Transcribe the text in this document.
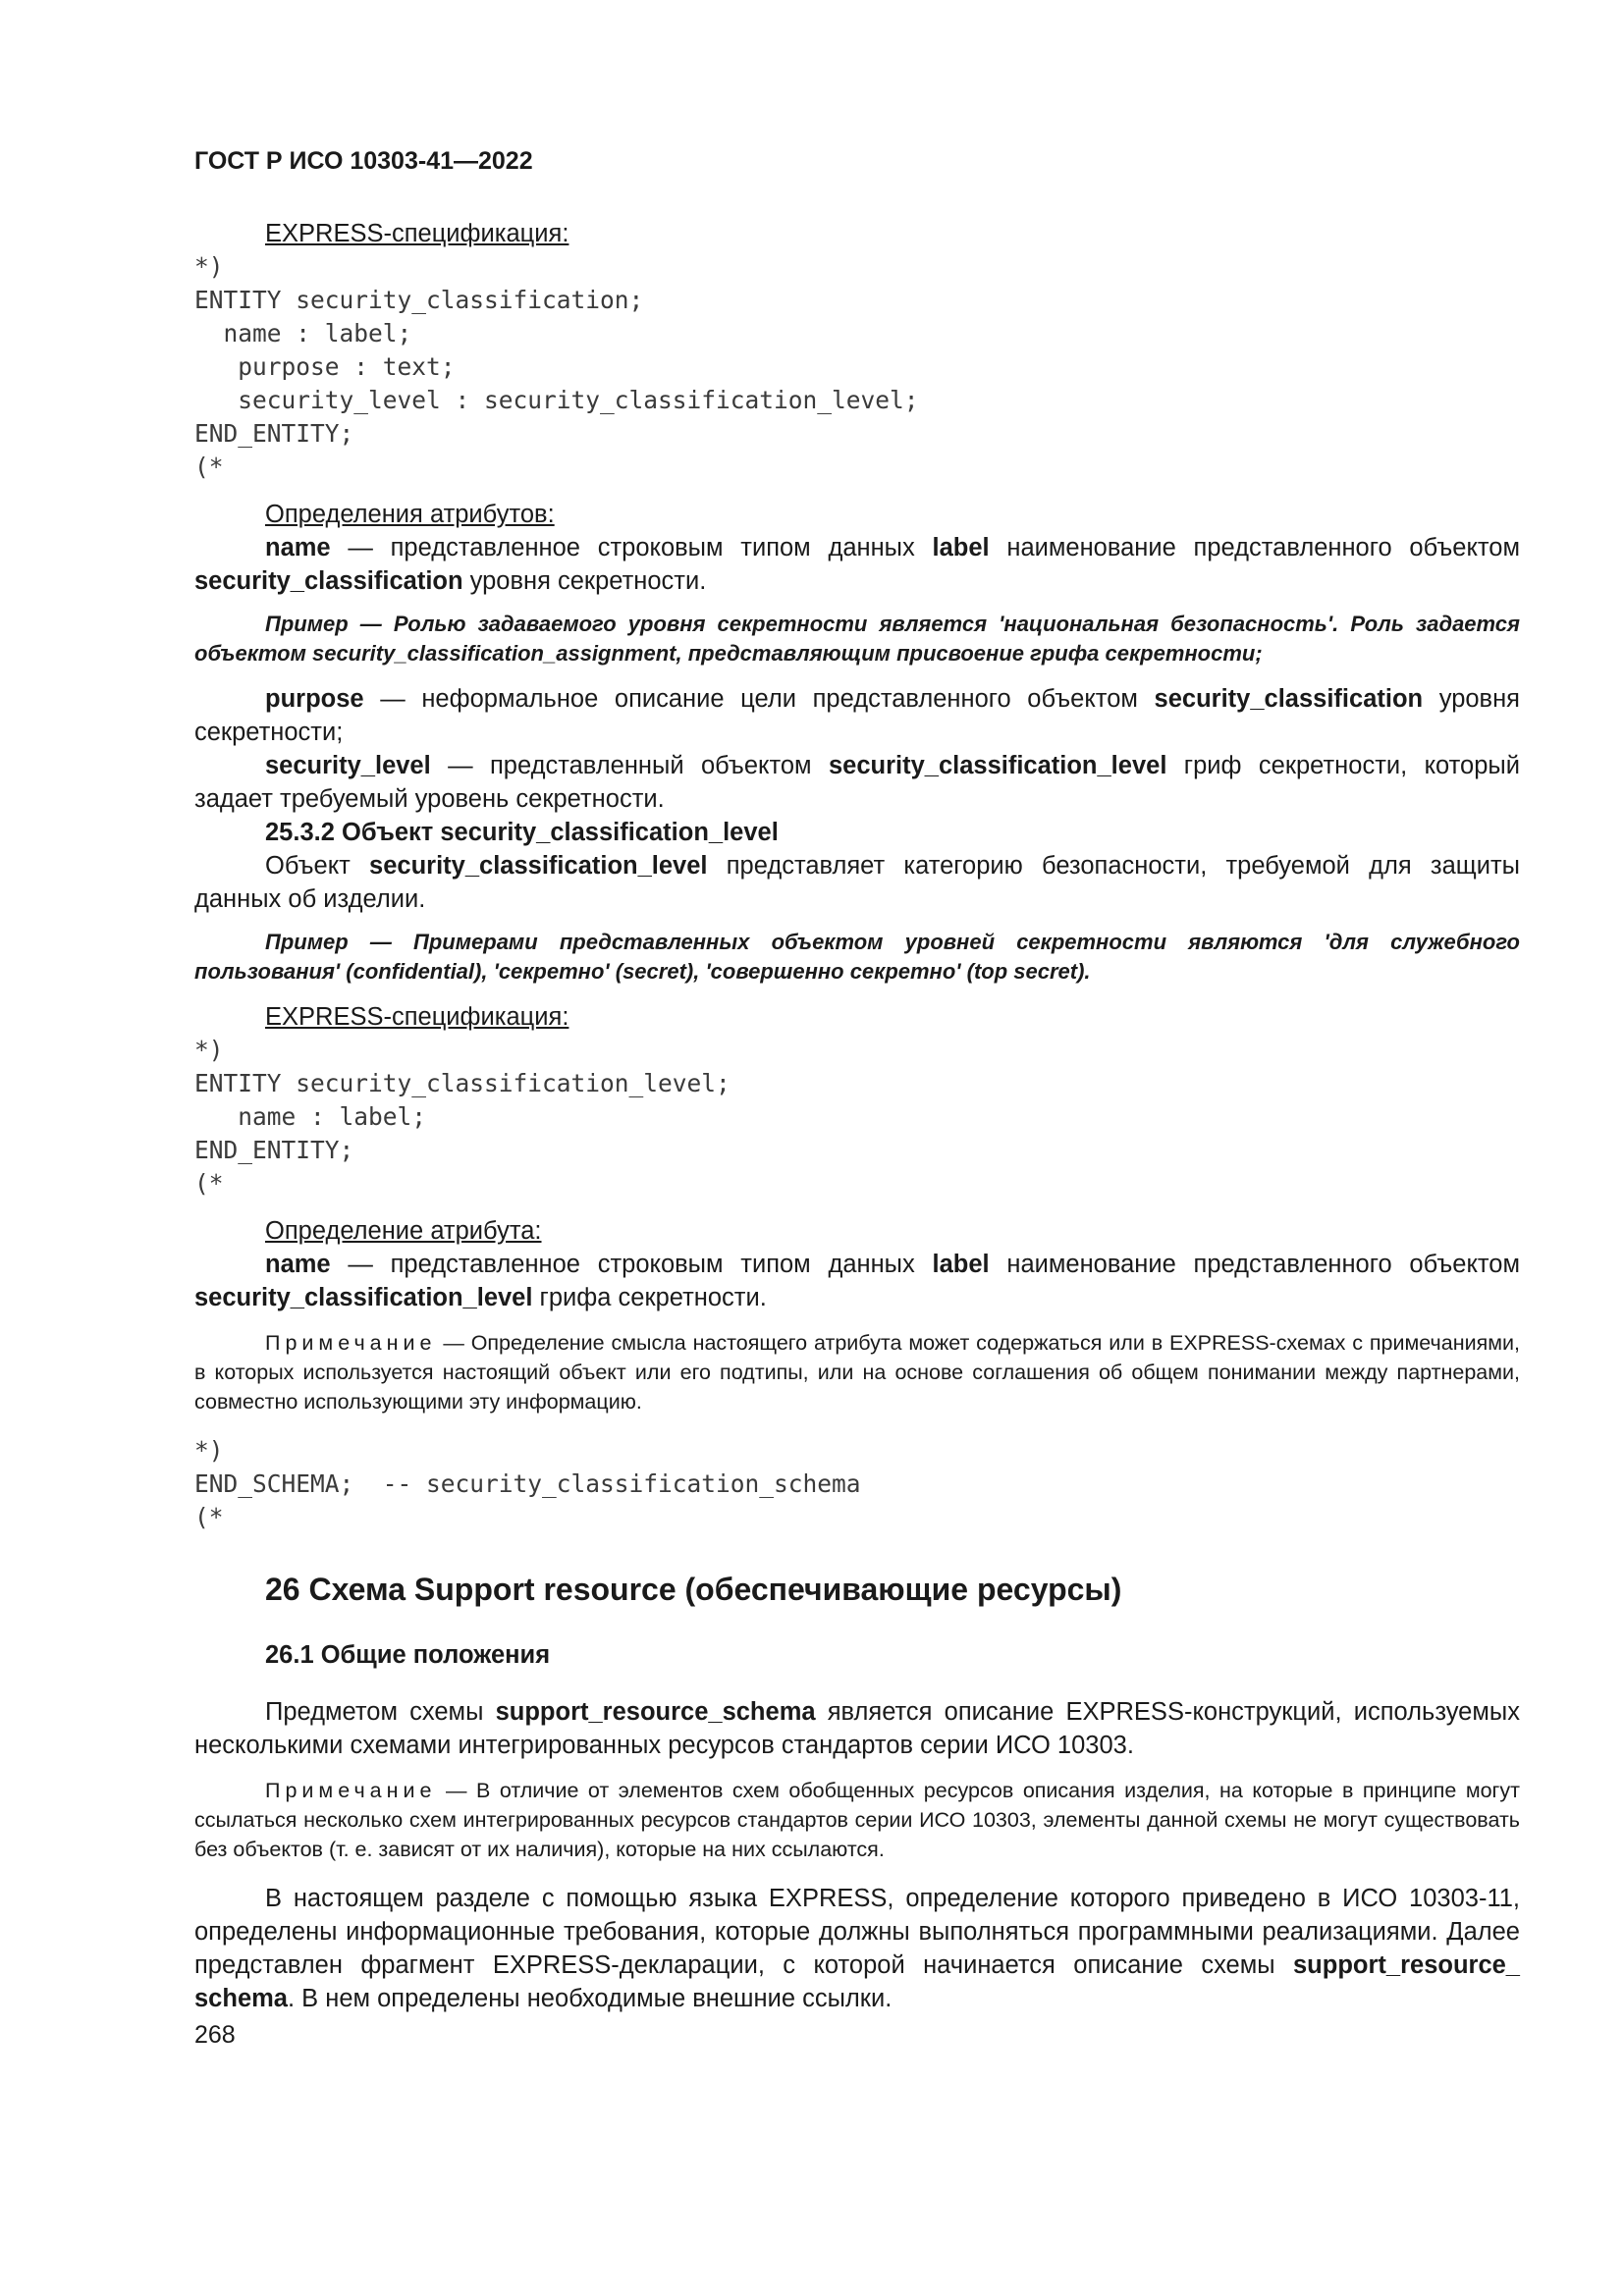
ГОСТ Р ИСО 10303-41—2022

EXPRESS-спецификация:

*)
ENTITY security_classification;
name : label;
purpose : text;
security_level : security_classification_level;
END_ENTITY;
(*

Определения атрибутов:

name — представленное строковым типом данных label наименование представленного объектом security_classification уровня секретности.

Пример — Ролью задаваемого уровня секретности является 'национальная безопасность'. Роль задается объектом security_classification_assignment, представляющим присвоение грифа секретности;

purpose — неформальное описание цели представленного объектом security_classification уровня секретности;

security_level — представленный объектом security_classification_level гриф секретности, который задает требуемый уровень секретности.

25.3.2 Объект security_classification_level

Объект security_classification_level представляет категорию безопасности, требуемой для защиты данных об изделии.

Пример — Примерами представленных объектом уровней секретности являются 'для служебного пользования' (confidential), 'секретно' (secret), 'совершенно секретно' (top secret).

EXPRESS-спецификация:

*)
ENTITY security_classification_level;
name : label;
END_ENTITY;
(*

Определение атрибута:

name — представленное строковым типом данных label наименование представленного объектом security_classification_level грифа секретности.

Примечание — Определение смысла настоящего атрибута может содержаться или в EXPRESS-схемах с примечаниями, в которых используется настоящий объект или его подтипы, или на основе соглашения об общем понимании между партнерами, совместно использующими эту информацию.

*)
END_SCHEMA;  -- security_classification_schema
(*
26 Схема Support resource (обеспечивающие ресурсы)
26.1 Общие положения

Предметом схемы support_resource_schema является описание EXPRESS-конструкций, используемых несколькими схемами интегрированных ресурсов стандартов серии ИСО 10303.

Примечание — В отличие от элементов схем обобщенных ресурсов описания изделия, на которые в принципе могут ссылаться несколько схем интегрированных ресурсов стандартов серии ИСО 10303, элементы данной схемы не могут существовать без объектов (т. е. зависят от их наличия), которые на них ссылаются.

В настоящем разделе с помощью языка EXPRESS, определение которого приведено в ИСО 10303-11, определены информационные требования, которые должны выполняться программными реализациями. Далее представлен фрагмент EXPRESS-декларации, с которой начинается описание схемы support_resource_ schema. В нем определены необходимые внешние ссылки.

268
